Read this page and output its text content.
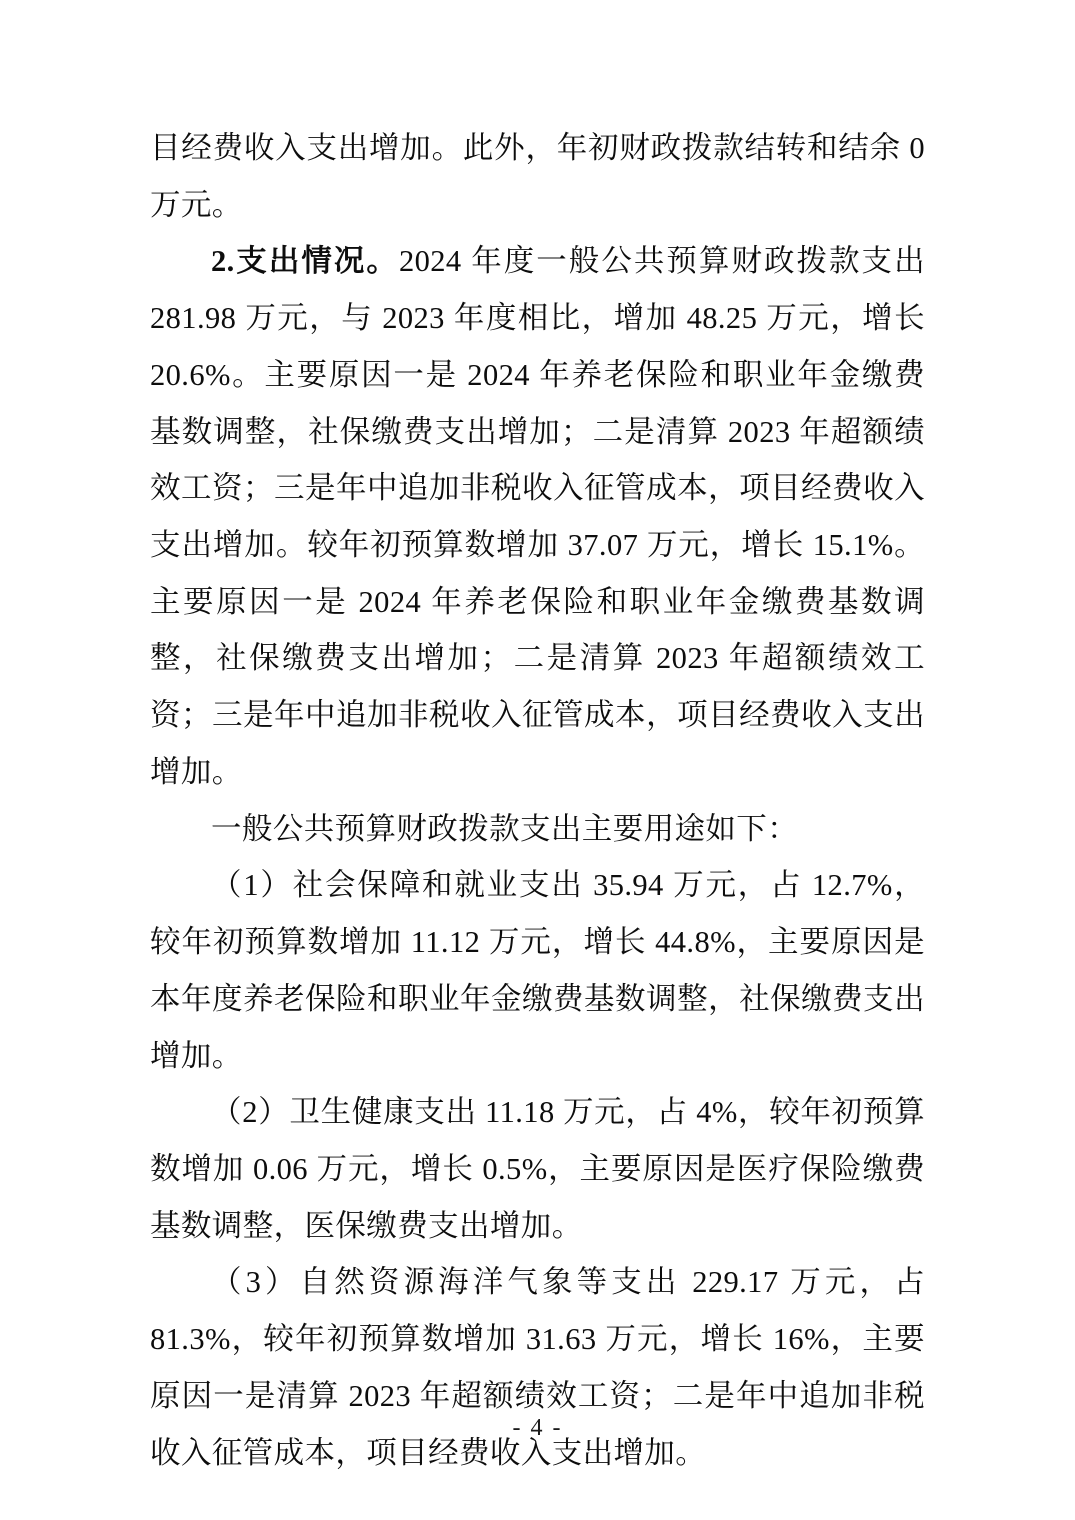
目经费收入支出增加。此外，年初财政拨款结转和结余 0 万元。

2.支出情况。2024 年度一般公共预算财政拨款支出 281.98 万元，与 2023 年度相比，增加 48.25 万元，增长 20.6%。主要原因一是 2024 年养老保险和职业年金缴费基数调整，社保缴费支出增加；二是清算 2023 年超额绩效工资；三是年中追加非税收入征管成本，项目经费收入支出增加。较年初预算数增加 37.07 万元，增长 15.1%。主要原因一是 2024 年养老保险和职业年金缴费基数调整，社保缴费支出增加；二是清算 2023 年超额绩效工资；三是年中追加非税收入征管成本，项目经费收入支出增加。

一般公共预算财政拨款支出主要用途如下：

（1）社会保障和就业支出 35.94 万元，占 12.7%，较年初预算数增加 11.12 万元，增长 44.8%，主要原因是本年度养老保险和职业年金缴费基数调整，社保缴费支出增加。

（2）卫生健康支出 11.18 万元，占 4%，较年初预算数增加 0.06 万元，增长 0.5%，主要原因是医疗保险缴费基数调整，医保缴费支出增加。

（3）自然资源海洋气象等支出 229.17 万元，占 81.3%，较年初预算数增加 31.63 万元，增长 16%，主要原因一是清算 2023 年超额绩效工资；二是年中追加非税收入征管成本，项目经费收入支出增加。

- 4 -
